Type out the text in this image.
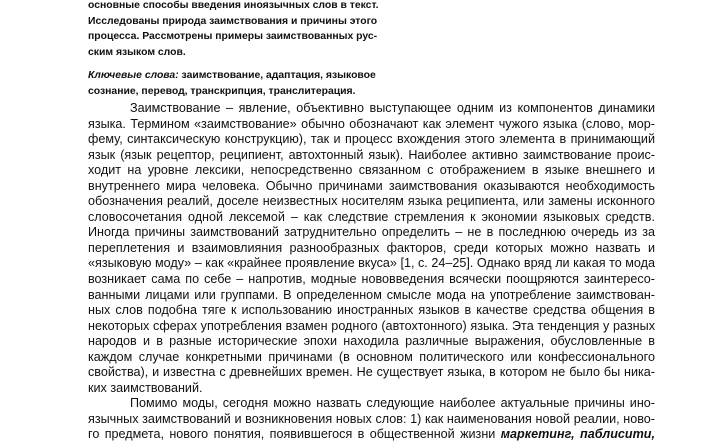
основные способы введения иноязычных слов в текст.
Исследованы природа заимствования и причины этого
процесса. Рассмотрены примеры заимствованных рус-
ским языком слов.
Ключевые слова: заимствование, адаптация, языковое
сознание, перевод, транскрипция, транслитерация.
Заимствование – явление, объективно выступающее одним из компонентов динамики
языка. Термином «заимствование» обычно обозначают как элемент чужого языка (слово, мор-
фему, синтаксическую конструкцию), так и процесс вхождения этого элемента в принимающий
язык (язык рецептор, реципиент, автохтонный язык). Наиболее активно заимствование проис-
ходит на уровне лексики, непосредственно связанном с отображением в языке внешнего и
внутреннего мира человека. Обычно причинами заимствования оказываются необходимость
обозначения реалий, доселе неизвестных носителям языка реципиента, или замены исконного
словосочетания одной лексемой – как следствие стремления к экономии языковых средств.
Иногда причины заимствований затруднительно определить – не в последнюю очередь из за
переплетения и взаимовлияния разнообразных факторов, среди которых можно назвать и
«языковую моду» – как «крайнее проявление вкуса» [1, с. 24–25]. Однако вряд ли какая то мода
возникает сама по себе – напротив, модные нововведения всячески поощряются заинтересо-
ванными лицами или группами. В определенном смысле мода на употребление заимствован-
ных слов подобна тяге к использованию иностранных языков в качестве средства общения в
некоторых сферах употребления взамен родного (автохтонного) языка. Эта тенденция у разных
народов и в разные исторические эпохи находила различные выражения, обусловленные в
каждом случае конкретными причинами (в основном политического или конфессионального
свойства), и известна с древнейших времен. Не существует языка, в котором не было бы ника-
ких заимствований.
Помимо моды, сегодня можно назвать следующие наиболее актуальные причины ино-
язычных заимствований и возникновения новых слов: 1) как наименования новой реалии, ново-
го предмета, нового понятия, появившегося в общественной жизни маркетинг, паблисити,
